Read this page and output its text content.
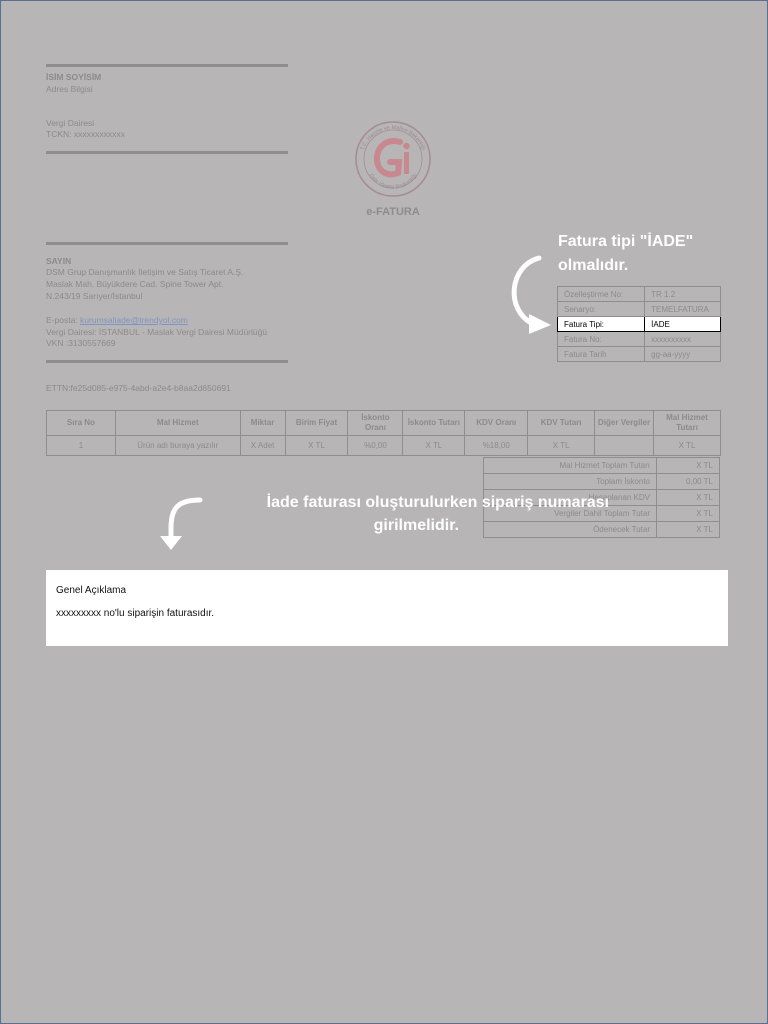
İSİM SOYİSİM
Adres Bilgisi
Vergi Dairesi
TCKN: xxxxxxxxxxxx
T.C. Hazine ve Maliye Bakanlığı
Gelir İdaresi Başkanlığı
e-FATURA
SAYIN
DSM Grup Danışmanlık İletişim ve Satış Ticaret A.Ş.
Maslak Mah. Büyükdere Cad. Spine Tower Apt.
N.243/19 Sarıyer/İstanbul
E-posta: kurumsaliade@trendyol.com
Vergi Dairesi: İSTANBUL - Maslak Vergi Dairesi Müdürlüğü
VKN :3130557669
ETTN:fe25d085-e975-4abd-a2e4-b8aa2d650691
Fatura tipi "İADE"
olmalıdır.
Özelleştirme No:	TR 1.2
Senaryo:	TEMELFATURA
Fatura Tipi:	İADE
Fatura No:	xxxxxxxxxx
Fatura Tarih	gg-aa-yyyy
Sıra No	Mal Hizmet	Miktar	Birim Fiyat	İskonto Oranı	İskonto Tutarı	KDV Oranı	KDV Tutarı	Diğer Vergiler	Mal Hizmet Tutarı
1	Ürün adı buraya yazılır	X Adet	X TL	%0,00	X TL	%18,00	X TL		X TL
Mal Hizmet Toplam Tutarı	X TL
Toplam İskonto	0,00 TL
Hesaplanan KDV	X TL
Vergiler Dahil Toplam Tutar	X TL
Ödenecek Tutar	X TL
İade faturası oluşturulurken sipariş numarası
girilmelidir.
Genel Açıklama
xxxxxxxxx no'lu siparişin faturasıdır.
